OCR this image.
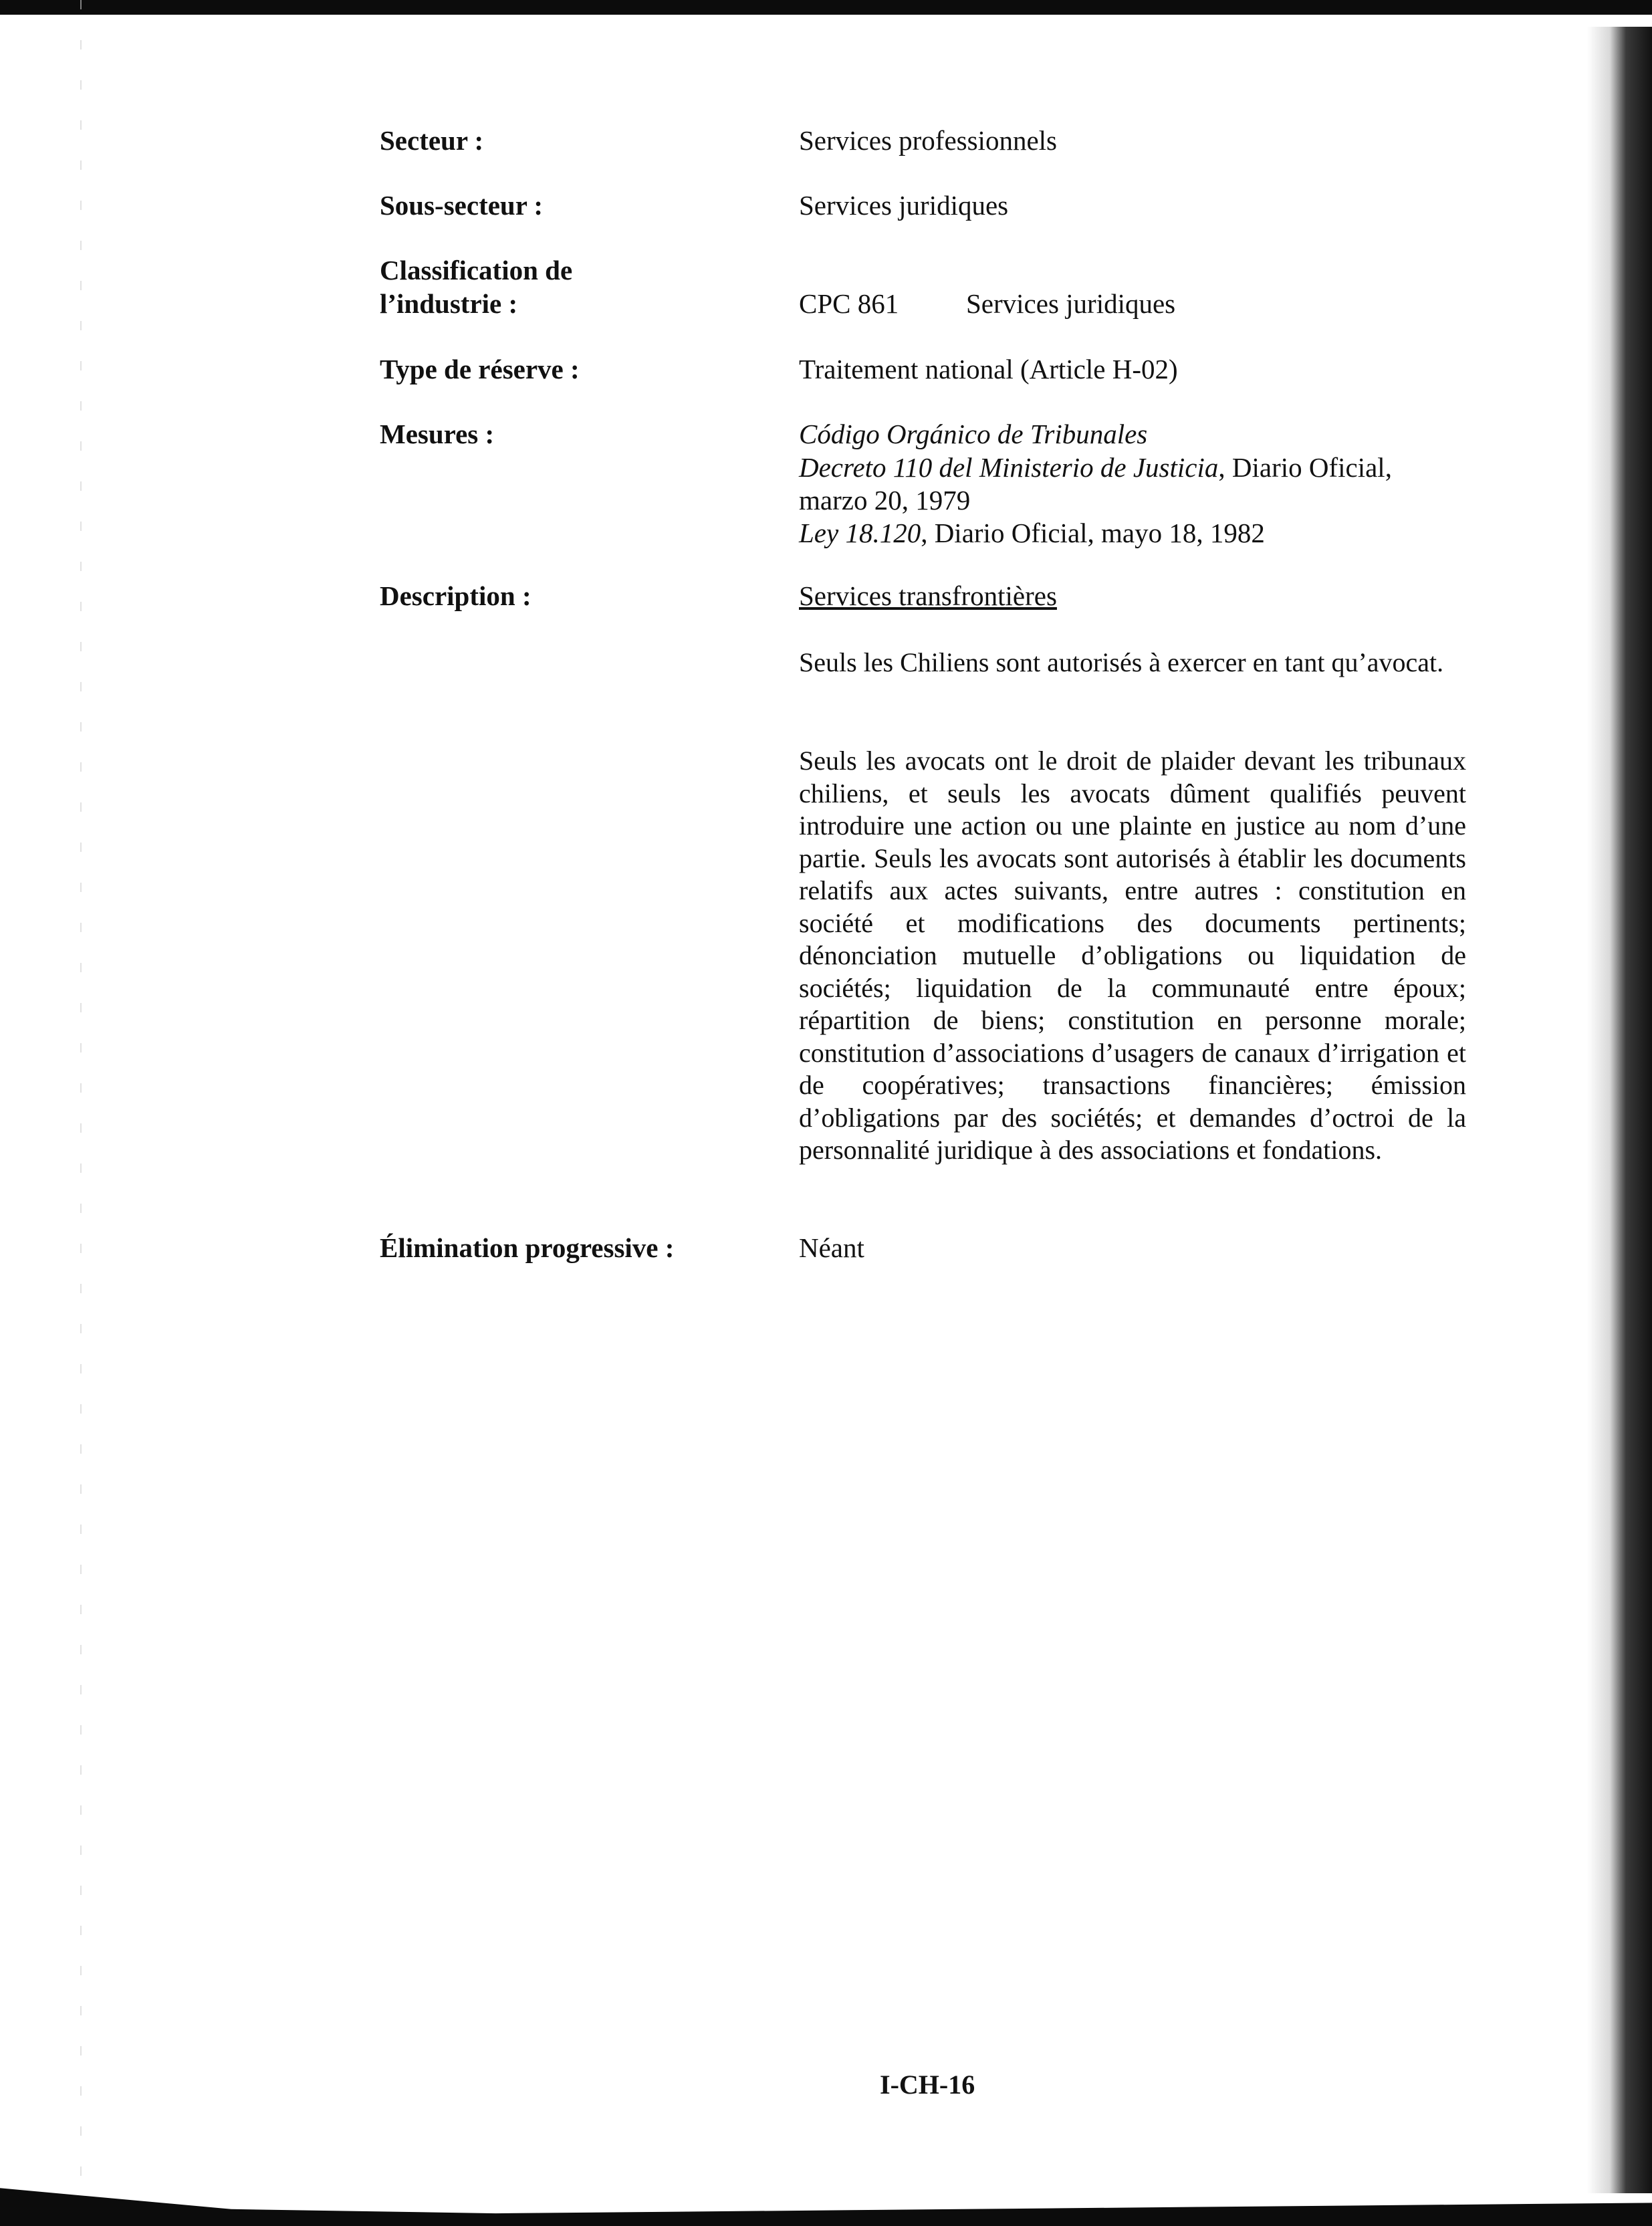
Secteur :	Services professionnels
Sous-secteur :	Services juridiques
Classification de
l’industrie :	CPC 861 Services juridiques
Type de réserve :	Traitement national (Article H-02)
Mesures :	Código Orgánico de Tribunales
Decreto 110 del Ministerio de Justicia, Diario Oficial,
marzo 20, 1979
Ley 18.120, Diario Oficial, mayo 18, 1982
Description :	Services transfrontières
Seuls les Chiliens sont autorisés à exercer en tant qu’avocat.
Seuls les avocats ont le droit de plaider devant les tribunaux chiliens, et seuls les avocats dûment qualifiés peuvent introduire une action ou une plainte en justice au nom d’une partie. Seuls les avocats sont autorisés à établir les documents relatifs aux actes suivants, entre autres : constitution en société et modifications des documents pertinents; dénonciation mutuelle d’obligations ou liquidation de sociétés; liquidation de la communauté entre époux; répartition de biens; constitution en personne morale; constitution d’associations d’usagers de canaux d’irrigation et de coopératives; transactions financières; émission d’obligations par des sociétés; et demandes d’octroi de la personnalité juridique à des associations et fondations.
Élimination progressive :	Néant
I-CH-16
